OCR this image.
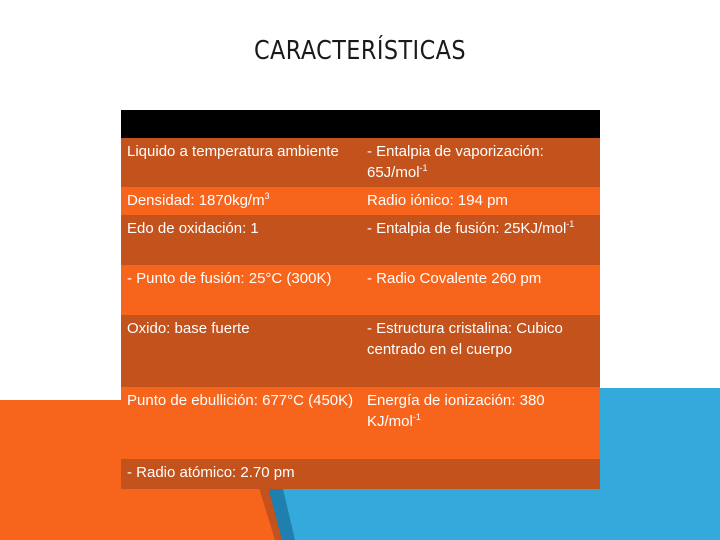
CARACTERÍSTICAS

Liquido a temperatura ambiente	- Entalpia de vaporización: 65J/mol$^{-1}$
Densidad: $1870kg/m^3$	Radio iónico: 194 pm
Edo de oxidación: 1	- Entalpia de fusión: 25KJ/mol$^{-1}$
- Punto de fusión: 25°C (300K)	- Radio Covalente 260 pm
Oxido: base fuerte	- Estructura cristalina: Cubico centrado en el cuerpo
Punto de ebullición: 677°C (450K)	Energía de ionización: 380 KJ/mol$^{-1}$
- Radio atómico: 2.70 pm	
